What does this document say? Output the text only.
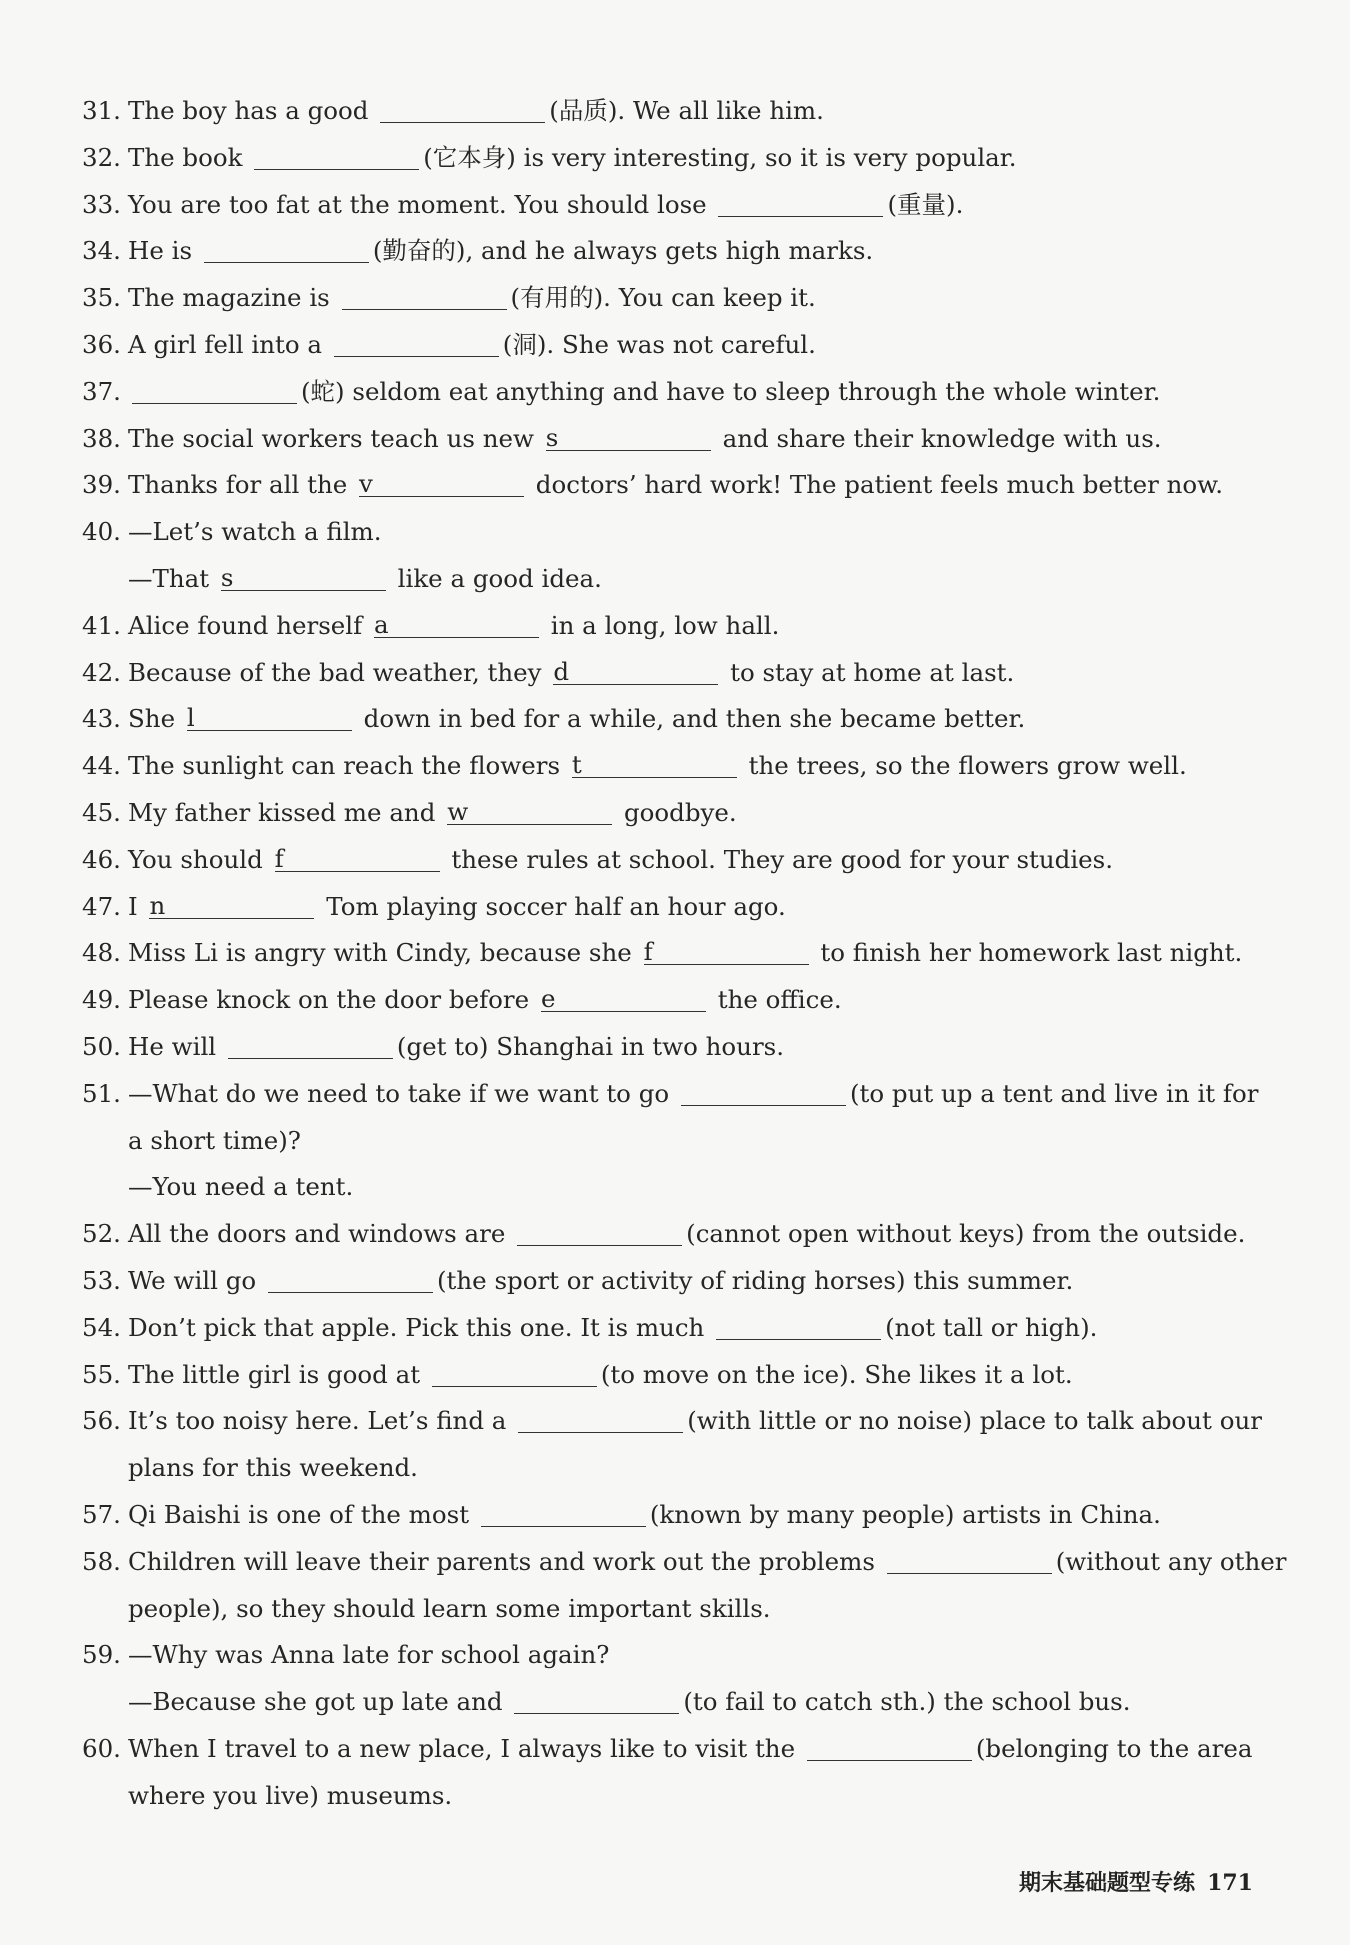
31.The boy has a good	(品质). We all like him.
32.The book	(它本身) is very interesting, so it is very popular.
33.You are too fat at the moment. You should lose	(重量).
34.He is	(勤奋的), and he always gets high marks.
35.The magazine is	(有用的). You can keep it.
36.A girl fell into a	(洞). She was not careful.
37.	(蛇) seldom eat anything and have to sleep through the whole winter.
38.The social workers teach us new s	and share their knowledge with us.
39.Thanks for all the v	doctors’ hard work! The patient feels much better now.
40.—Let’s watch a film.
—That s	like a good idea.
41.Alice found herself a	in a long, low hall.
42.Because of the bad weather, they d	to stay at home at last.
43.She l	down in bed for a while, and then she became better.
44.The sunlight can reach the flowers t	the trees, so the flowers grow well.
45.My father kissed me and w	goodbye.
46.You should f	these rules at school. They are good for your studies.
47.I n	Tom playing soccer half an hour ago.
48.Miss Li is angry with Cindy, because she f	to finish her homework last night.
49.Please knock on the door before e	the office.
50.He will	(get to) Shanghai in two hours.
51.—What do we need to take if we want to go	(to put up a tent and live in it for
a short time)?
—You need a tent.
52.All the doors and windows are	(cannot open without keys) from the outside.
53.We will go	(the sport or activity of riding horses) this summer.
54.Don’t pick that apple. Pick this one. It is much	(not tall or high).
55.The little girl is good at	(to move on the ice). She likes it a lot.
56.It’s too noisy here. Let’s find a	(with little or no noise) place to talk about our
plans for this weekend.
57.Qi Baishi is one of the most	(known by many people) artists in China.
58.Children will leave their parents and work out the problems	(without any other
people), so they should learn some important skills.
59.—Why was Anna late for school again?
—Because she got up late and	(to fail to catch sth.) the school bus.
60.When I travel to a new place, I always like to visit the	(belonging to the area
where you live) museums.
期末基础题型专练 171
